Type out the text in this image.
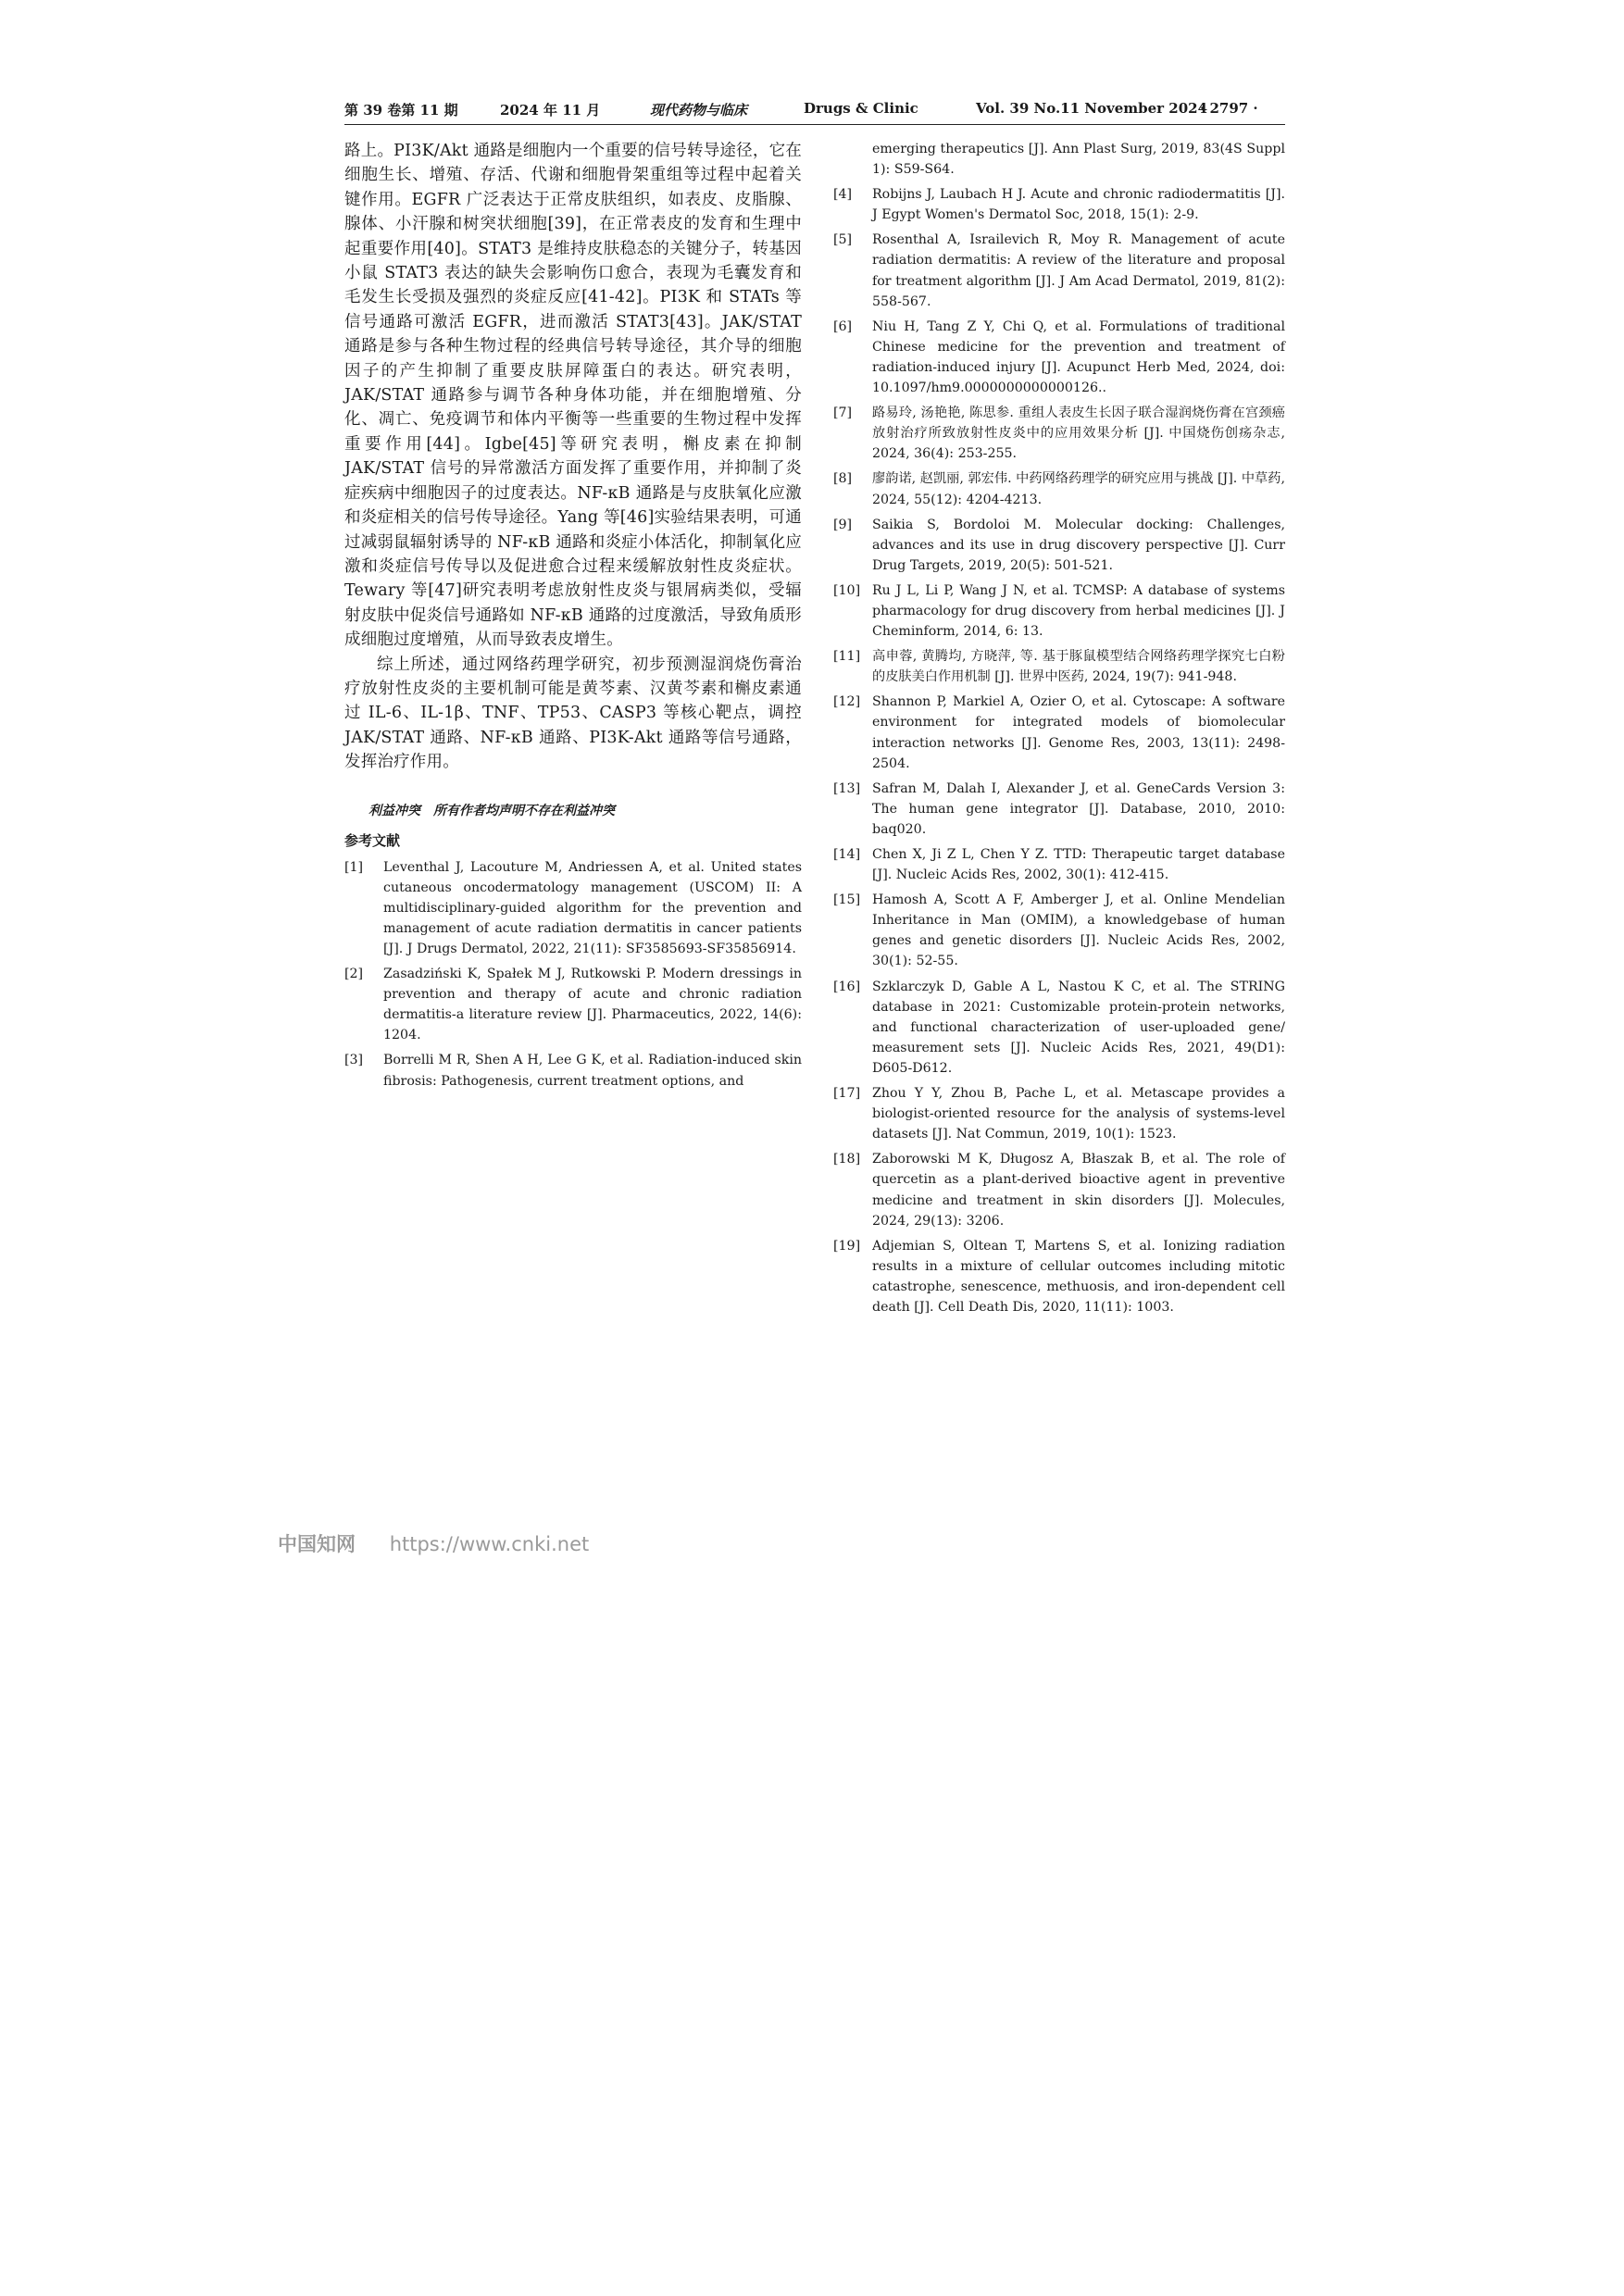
第 39 卷第 11 期	2024 年 11 月	现代药物与临床	Drugs & Clinic	Vol. 39 No.11 November 2024
· 2797 ·

路上。PI3K/Akt 通路是细胞内一个重要的信号转导途径，它在细胞生长、增殖、存活、代谢和细胞骨架重组等过程中起着关键作用。EGFR 广泛表达于正常皮肤组织，如表皮、皮脂腺、腺体、小汗腺和树突状细胞[39]，在正常表皮的发育和生理中起重要作用[40]。STAT3 是维持皮肤稳态的关键分子，转基因小鼠 STAT3 表达的缺失会影响伤口愈合，表现为毛囊发育和毛发生长受损及强烈的炎症反应[41-42]。PI3K 和 STATs 等信号通路可激活 EGFR，进而激活 STAT3[43]。JAK/STAT 通路是参与各种生物过程的经典信号转导途径，其介导的细胞因子的产生抑制了重要皮肤屏障蛋白的表达。研究表明，JAK/STAT 通路参与调节各种身体功能，并在细胞增殖、分化、凋亡、免疫调节和体内平衡等一些重要的生物过程中发挥重要作用[44]。Igbe[45]等研究表明，槲皮素在抑制 JAK/STAT 信号的异常激活方面发挥了重要作用，并抑制了炎症疾病中细胞因子的过度表达。NF-κB 通路是与皮肤氧化应激和炎症相关的信号传导途径。Yang 等[46]实验结果表明，可通过减弱鼠辐射诱导的 NF-κB 通路和炎症小体活化，抑制氧化应激和炎症信号传导以及促进愈合过程来缓解放射性皮炎症状。Tewary 等[47]研究表明考虑放射性皮炎与银屑病类似，受辐射皮肤中促炎信号通路如 NF-κB 通路的过度激活，导致角质形成细胞过度增殖，从而导致表皮增生。

综上所述，通过网络药理学研究，初步预测湿润烧伤膏治疗放射性皮炎的主要机制可能是黄芩素、汉黄芩素和槲皮素通过 IL-6、IL-1β、TNF、TP53、CASP3 等核心靶点，调控 JAK/STAT 通路、NF-κB 通路、PI3K-Akt 通路等信号通路，发挥治疗作用。

利益冲突　所有作者均声明不存在利益冲突
参考文献
[1]	Leventhal J, Lacouture M, Andriessen A, et al. United states cutaneous oncodermatology management (USCOM) II: A multidisciplinary-guided algorithm for the prevention and management of acute radiation dermatitis in cancer patients [J]. J Drugs Dermatol, 2022, 21(11): SF3585693-SF35856914.
[2]	Zasadziński K, Spałek M J, Rutkowski P. Modern dressings in prevention and therapy of acute and chronic radiation dermatitis-a literature review [J]. Pharmaceutics, 2022, 14(6): 1204.
[3]	Borrelli M R, Shen A H, Lee G K, et al. Radiation-induced skin fibrosis: Pathogenesis, current treatment options, and
emerging therapeutics [J]. Ann Plast Surg, 2019, 83(4S Suppl 1): S59-S64.
[4]	Robijns J, Laubach H J. Acute and chronic radiodermatitis [J]. J Egypt Women's Dermatol Soc, 2018, 15(1): 2-9.
[5]	Rosenthal A, Israilevich R, Moy R. Management of acute radiation dermatitis: A review of the literature and proposal for treatment algorithm [J]. J Am Acad Dermatol, 2019, 81(2): 558-567.
[6]	Niu H, Tang Z Y, Chi Q, et al. Formulations of traditional Chinese medicine for the prevention and treatment of radiation-induced injury [J]. Acupunct Herb Med, 2024, doi: 10.1097/hm9.0000000000000126..
[7]	路易玲, 汤艳艳, 陈思参. 重组人表皮生长因子联合湿润烧伤膏在宫颈癌放射治疗所致放射性皮炎中的应用效果分析 [J]. 中国烧伤创疡杂志, 2024, 36(4): 253-255.
[8]	廖韵诺, 赵凯丽, 郭宏伟. 中药网络药理学的研究应用与挑战 [J]. 中草药, 2024, 55(12): 4204-4213.
[9]	Saikia S, Bordoloi M. Molecular docking: Challenges, advances and its use in drug discovery perspective [J]. Curr Drug Targets, 2019, 20(5): 501-521.
[10] Ru J L, Li P, Wang J N, et al. TCMSP: A database of systems pharmacology for drug discovery from herbal medicines [J]. J Cheminform, 2014, 6: 13.
[11] 高申蓉, 黄腾均, 方晓萍, 等. 基于豚鼠模型结合网络药理学探究七白粉的皮肤美白作用机制 [J]. 世界中医药, 2024, 19(7): 941-948.
[12] Shannon P, Markiel A, Ozier O, et al. Cytoscape: A software environment for integrated models of biomolecular interaction networks [J]. Genome Res, 2003, 13(11): 2498-2504.
[13] Safran M, Dalah I, Alexander J, et al. GeneCards Version 3: The human gene integrator [J]. Database, 2010, 2010: baq020.
[14] Chen X, Ji Z L, Chen Y Z. TTD: Therapeutic target database [J]. Nucleic Acids Res, 2002, 30(1): 412-415.
[15] Hamosh A, Scott A F, Amberger J, et al. Online Mendelian Inheritance in Man (OMIM), a knowledgebase of human genes and genetic disorders [J]. Nucleic Acids Res, 2002, 30(1): 52-55.
[16] Szklarczyk D, Gable A L, Nastou K C, et al. The STRING database in 2021: Customizable protein-protein networks, and functional characterization of user-uploaded gene/ measurement sets [J]. Nucleic Acids Res, 2021, 49(D1): D605-D612.
[17] Zhou Y Y, Zhou B, Pache L, et al. Metascape provides a biologist-oriented resource for the analysis of systems-level datasets [J]. Nat Commun, 2019, 10(1): 1523.
[18] Zaborowski M K, Długosz A, Błaszak B, et al. The role of quercetin as a plant-derived bioactive agent in preventive medicine and treatment in skin disorders [J]. Molecules, 2024, 29(13): 3206.
[19] Adjemian S, Oltean T, Martens S, et al. Ionizing radiation results in a mixture of cellular outcomes including mitotic catastrophe, senescence, methuosis, and iron-dependent cell death [J]. Cell Death Dis, 2020, 11(11): 1003.
中国知网 https://www.cnki.net
